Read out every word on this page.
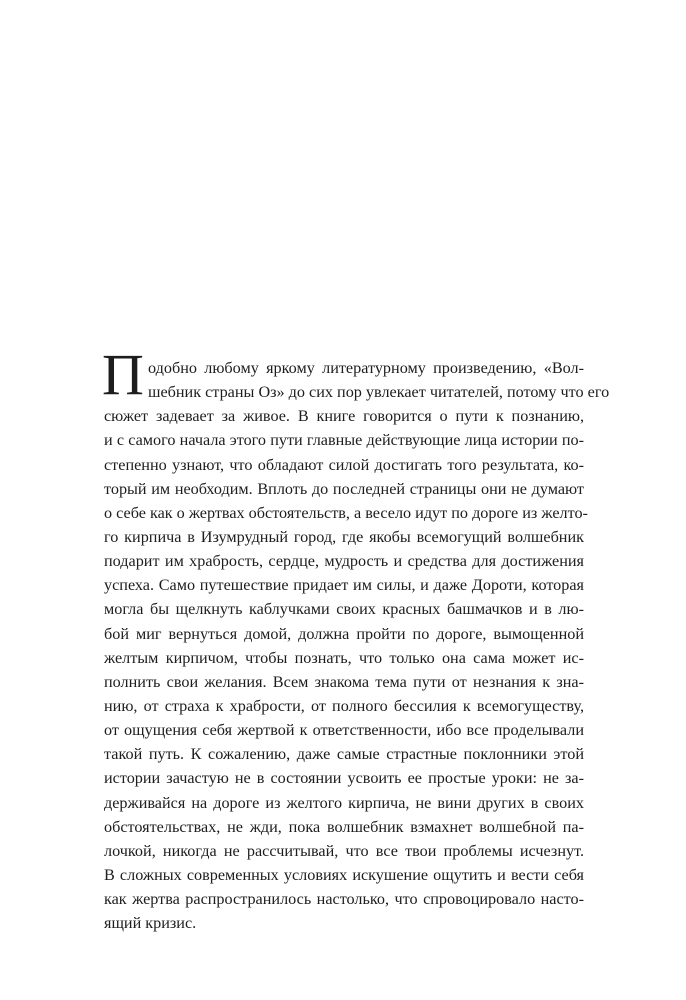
П одобно любому яркому литературному произведению, «Вол-
шебник страны Оз» до сих пор увлекает читателей, потому что его
сюжет задевает за живое. В книге говорится о пути к познанию,
и с самого начала этого пути главные действующие лица истории по-
степенно узнают, что обладают силой достигать того результата, ко-
торый им необходим. Вплоть до последней страницы они не думают
о себе как о жертвах обстоятельств, а весело идут по дороге из желто-
го кирпича в Изумрудный город, где якобы всемогущий волшебник
подарит им храбрость, сердце, мудрость и средства для достижения
успеха. Само путешествие придает им силы, и даже Дороти, которая
могла бы щелкнуть каблучками своих красных башмачков и в лю-
бой миг вернуться домой, должна пройти по дороге, вымощенной
желтым кирпичом, чтобы познать, что только она сама может ис-
полнить свои желания. Всем знакома тема пути от незнания к зна-
нию, от страха к храбрости, от полного бессилия к всемогуществу,
от ощущения себя жертвой к ответственности, ибо все проделывали
такой путь. К сожалению, даже самые страстные поклонники этой
истории зачастую не в состоянии усвоить ее простые уроки: не за-
держивайся на дороге из желтого кирпича, не вини других в своих
обстоятельствах, не жди, пока волшебник взмахнет волшебной па-
лочкой, никогда не рассчитывай, что все твои проблемы исчезнут.
В сложных современных условиях искушение ощутить и вести себя
как жертва распространилось настолько, что спровоцировало насто-
ящий кризис.
